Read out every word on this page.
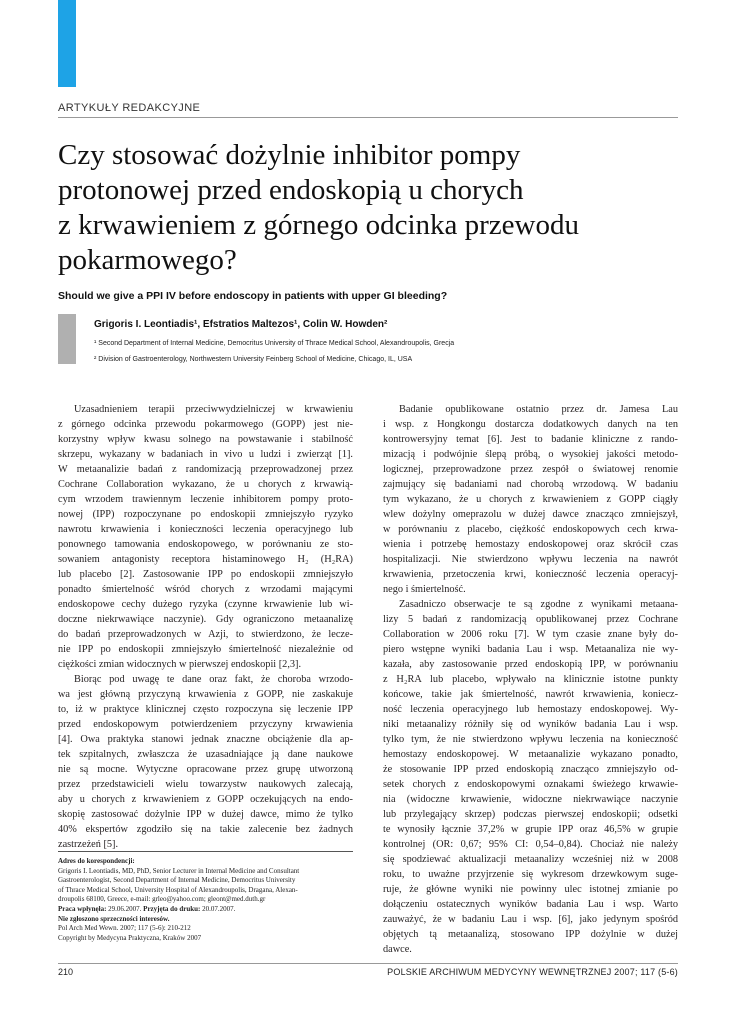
ARTYKUŁY REDAKCYJNE
Czy stosować dożylnie inhibitor pompy
protonowej przed endoskopią u chorych
z krwawieniem z górnego odcinka przewodu
pokarmowego?

Should we give a PPI IV before endoscopy in patients with upper GI bleeding?

Grigoris I. Leontiadis¹, Efstratios Maltezos¹, Colin W. Howden²

¹ Second Department of Internal Medicine, Democritus University of Thrace Medical School, Alexandroupolis, Grecja

² Division of Gastroenterology, Northwestern University Feinberg School of Medicine, Chicago, IL, USA

Uzasadnieniem terapii przeciwwydzielniczej w krwawieniu
z górnego odcinka przewodu pokarmowego (GOPP) jest nie-
korzystny wpływ kwasu solnego na powstawanie i stabilność
skrzepu, wykazany w badaniach in vivo u ludzi i zwierząt [1].
W metaanalizie badań z randomizacją przeprowadzonej przez
Cochrane Collaboration wykazano, że u chorych z krwawią-
cym wrzodem trawiennym leczenie inhibitorem pompy proto-
nowej (IPP) rozpoczynane po endoskopii zmniejszyło ryzyko
nawrotu krwawienia i konieczności leczenia operacyjnego lub
ponownego tamowania endoskopowego, w porównaniu ze sto-
sowaniem antagonisty receptora histaminowego H₂ (H₂RA)
lub placebo [2]. Zastosowanie IPP po endoskopii zmniejszyło
ponadto śmiertelność wśród chorych z wrzodami mającymi
endoskopowe cechy dużego ryzyka (czynne krwawienie lub wi-
doczne niekrwawiące naczynie). Gdy ograniczono metaanalizę
do badań przeprowadzonych w Azji, to stwierdzono, że lecze-
nie IPP po endoskopii zmniejszyło śmiertelność niezależnie od
ciężkości zmian widocznych w pierwszej endoskopii [2,3].
Biorąc pod uwagę te dane oraz fakt, że choroba wrzodo-
wa jest główną przyczyną krwawienia z GOPP, nie zaskakuje
to, iż w praktyce klinicznej często rozpoczyna się leczenie IPP
przed endoskopowym potwierdzeniem przyczyny krwawienia
[4]. Owa praktyka stanowi jednak znaczne obciążenie dla ap-
tek szpitalnych, zwłaszcza że uzasadniające ją dane naukowe
nie są mocne. Wytyczne opracowane przez grupę utworzoną
przez przedstawicieli wielu towarzystw naukowych zalecają,
aby u chorych z krwawieniem z GOPP oczekujących na endo-
skopię zastosować dożylnie IPP w dużej dawce, mimo że tylko
40% ekspertów zgodziło się na takie zalecenie bez żadnych
zastrzeżeń [5].
Badanie opublikowane ostatnio przez dr. Jamesa Lau
i wsp. z Hongkongu dostarcza dodatkowych danych na ten
kontrowersyjny temat [6]. Jest to badanie kliniczne z rando-
mizacją i podwójnie ślepą próbą, o wysokiej jakości metodo-
logicznej, przeprowadzone przez zespół o światowej renomie
zajmujący się badaniami nad chorobą wrzodową. W badaniu
tym wykazano, że u chorych z krwawieniem z GOPP ciągły
wlew dożylny omeprazolu w dużej dawce znacząco zmniejszył,
w porównaniu z placebo, ciężkość endoskopowych cech krwa-
wienia i potrzebę hemostazy endoskopowej oraz skrócił czas
hospitalizacji. Nie stwierdzono wpływu leczenia na nawrót
krwawienia, przetoczenia krwi, konieczność leczenia operacyj-
nego i śmiertelność.
Zasadniczo obserwacje te są zgodne z wynikami metaana-
lizy 5 badań z randomizacją opublikowanej przez Cochrane
Collaboration w 2006 roku [7]. W tym czasie znane były do-
piero wstępne wyniki badania Lau i wsp. Metaanaliza nie wy-
kazała, aby zastosowanie przed endoskopią IPP, w porównaniu
z H₂RA lub placebo, wpływało na klinicznie istotne punkty
końcowe, takie jak śmiertelność, nawrót krwawienia, koniecz-
ność leczenia operacyjnego lub hemostazy endoskopowej. Wy-
niki metaanalizy różniły się od wyników badania Lau i wsp.
tylko tym, że nie stwierdzono wpływu leczenia na konieczność
hemostazy endoskopowej. W metaanalizie wykazano ponadto,
że stosowanie IPP przed endoskopią znacząco zmniejszyło od-
setek chorych z endoskopowymi oznakami świeżego krwawie-
nia (widoczne krwawienie, widoczne niekrwawiące naczynie
lub przylegający skrzep) podczas pierwszej endoskopii; odsetki
te wynosiły łącznie 37,2% w grupie IPP oraz 46,5% w grupie
kontrolnej (OR: 0,67; 95% CI: 0,54–0,84). Chociaż nie należy
się spodziewać aktualizacji metaanalizy wcześniej niż w 2008
roku, to uważne przyjrzenie się wykresom drzewkowym suge-
ruje, że główne wyniki nie powinny ulec istotnej zmianie po
dołączeniu ostatecznych wyników badania Lau i wsp. Warto
zauważyć, że w badaniu Lau i wsp. [6], jako jedynym spośród
objętych tą metaanalizą, stosowano IPP dożylnie w dużej
dawce.
Adres do korespondencji:
Grigoris I. Leontiadis, MD, PhD, Senior Lecturer in Internal Medicine and Consultant
Gastroenterologist, Second Department of Internal Medicine, Democritus University
of Thrace Medical School, University Hospital of Alexandroupolis, Dragana, Alexan-
droupolis 68100, Greece, e-mail: grleo@yahoo.com; gleont@med.duth.gr
Praca wpłynęła: 29.06.2007. Przyjęta do druku: 20.07.2007.
Nie zgłoszono sprzeczności interesów.
Pol Arch Med Wewn. 2007; 117 (5-6): 210-212
Copyright by Medycyna Praktyczna, Kraków 2007
210	POLSKIE ARCHIWUM MEDYCYNY WEWNĘTRZNEJ 2007; 117 (5-6)
